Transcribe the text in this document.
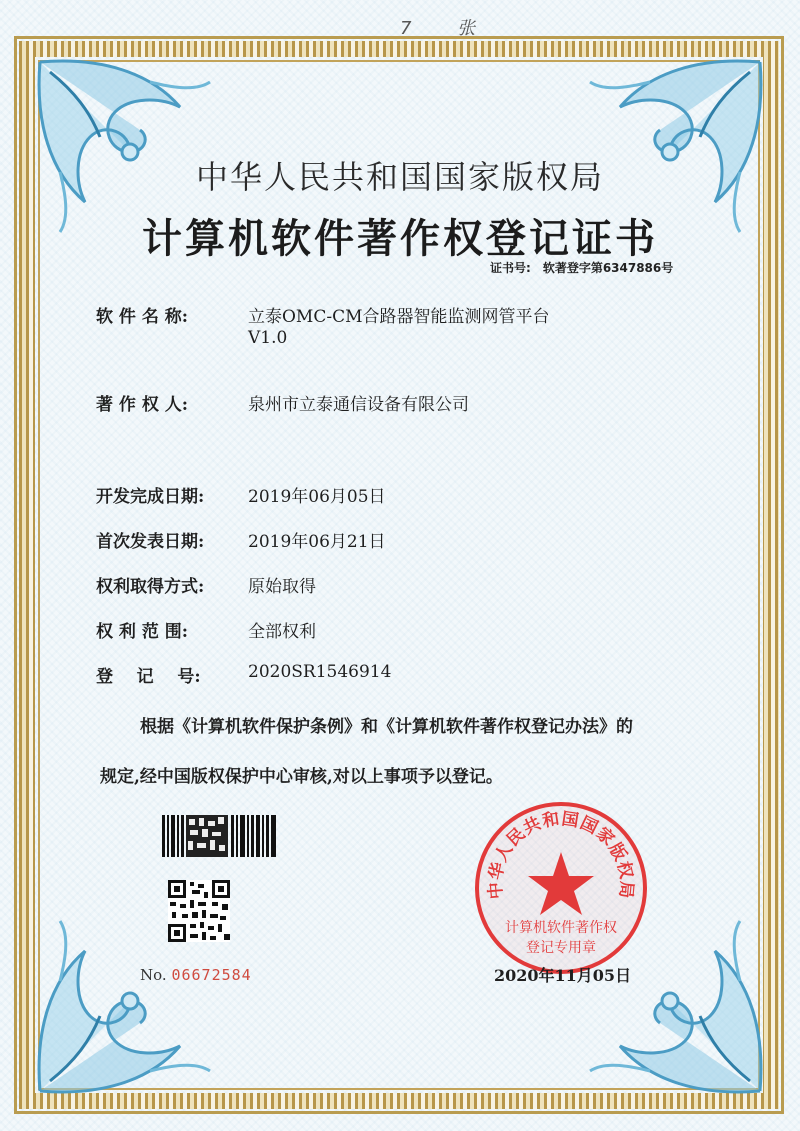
7 张
中华人民共和国国家版权局
计算机软件著作权登记证书
证书号: 软著登字第6347886号
软 件 名 称:	立泰OMC-CM合路器智能监测网管平台
V1.0
著 作 权 人:	泉州市立泰通信设备有限公司
开发完成日期:	2019年06月05日
首次发表日期:	2019年06月21日
权利取得方式:	原始取得
权 利 范 围:	全部权利
登    记    号:	2020SR1546914
根据《计算机软件保护条例》和《计算机软件著作权登记办法》的
规定,经中国版权保护中心审核,对以上事项予以登记。
No. 06672584
中华人民共和国国家版权局
计算机软件著作权
登记专用章
2020年11月05日
